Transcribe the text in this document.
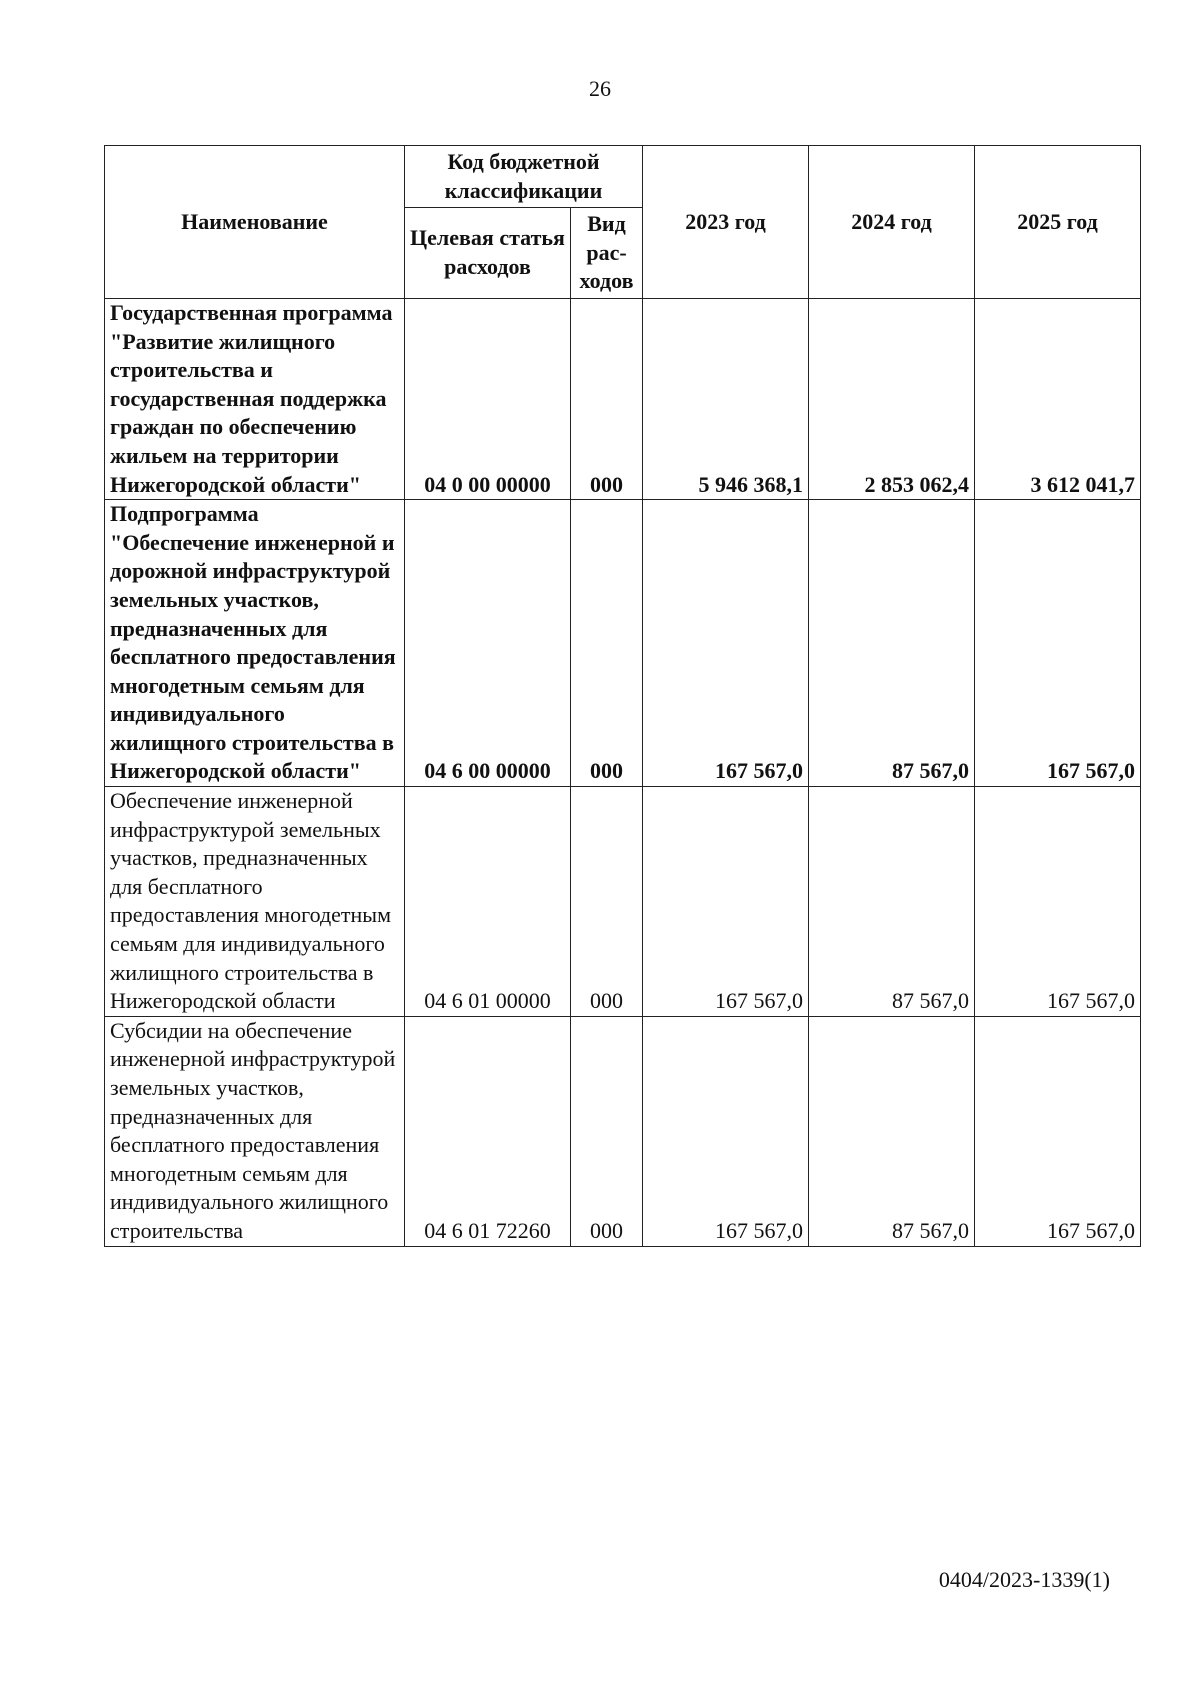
26
Наименование	Код бюджетной классификации		2023 год	2024 год	2025 год
	Целевая статья расходов	Вид рас-ходов			
Государственная программа "Развитие жилищного строительства и государственная поддержка граждан по обеспечению жильем на территории Нижегородской области"	04 0 00 00000	000	5 946 368,1	2 853 062,4	3 612 041,7
Подпрограмма "Обеспечение инженерной и дорожной инфраструктурой земельных участков, предназначенных для бесплатного предоставления многодетным семьям для индивидуального жилищного строительства в Нижегородской области"	04 6 00 00000	000	167 567,0	87 567,0	167 567,0
Обеспечение инженерной инфраструктурой земельных участков, предназначенных для бесплатного предоставления многодетным семьям для индивидуального жилищного строительства в Нижегородской области	04 6 01 00000	000	167 567,0	87 567,0	167 567,0
Субсидии на обеспечение инженерной инфраструктурой земельных участков, предназначенных для бесплатного предоставления многодетным семьям для индивидуального жилищного строительства	04 6 01 72260	000	167 567,0	87 567,0	167 567,0
0404/2023-1339(1)
